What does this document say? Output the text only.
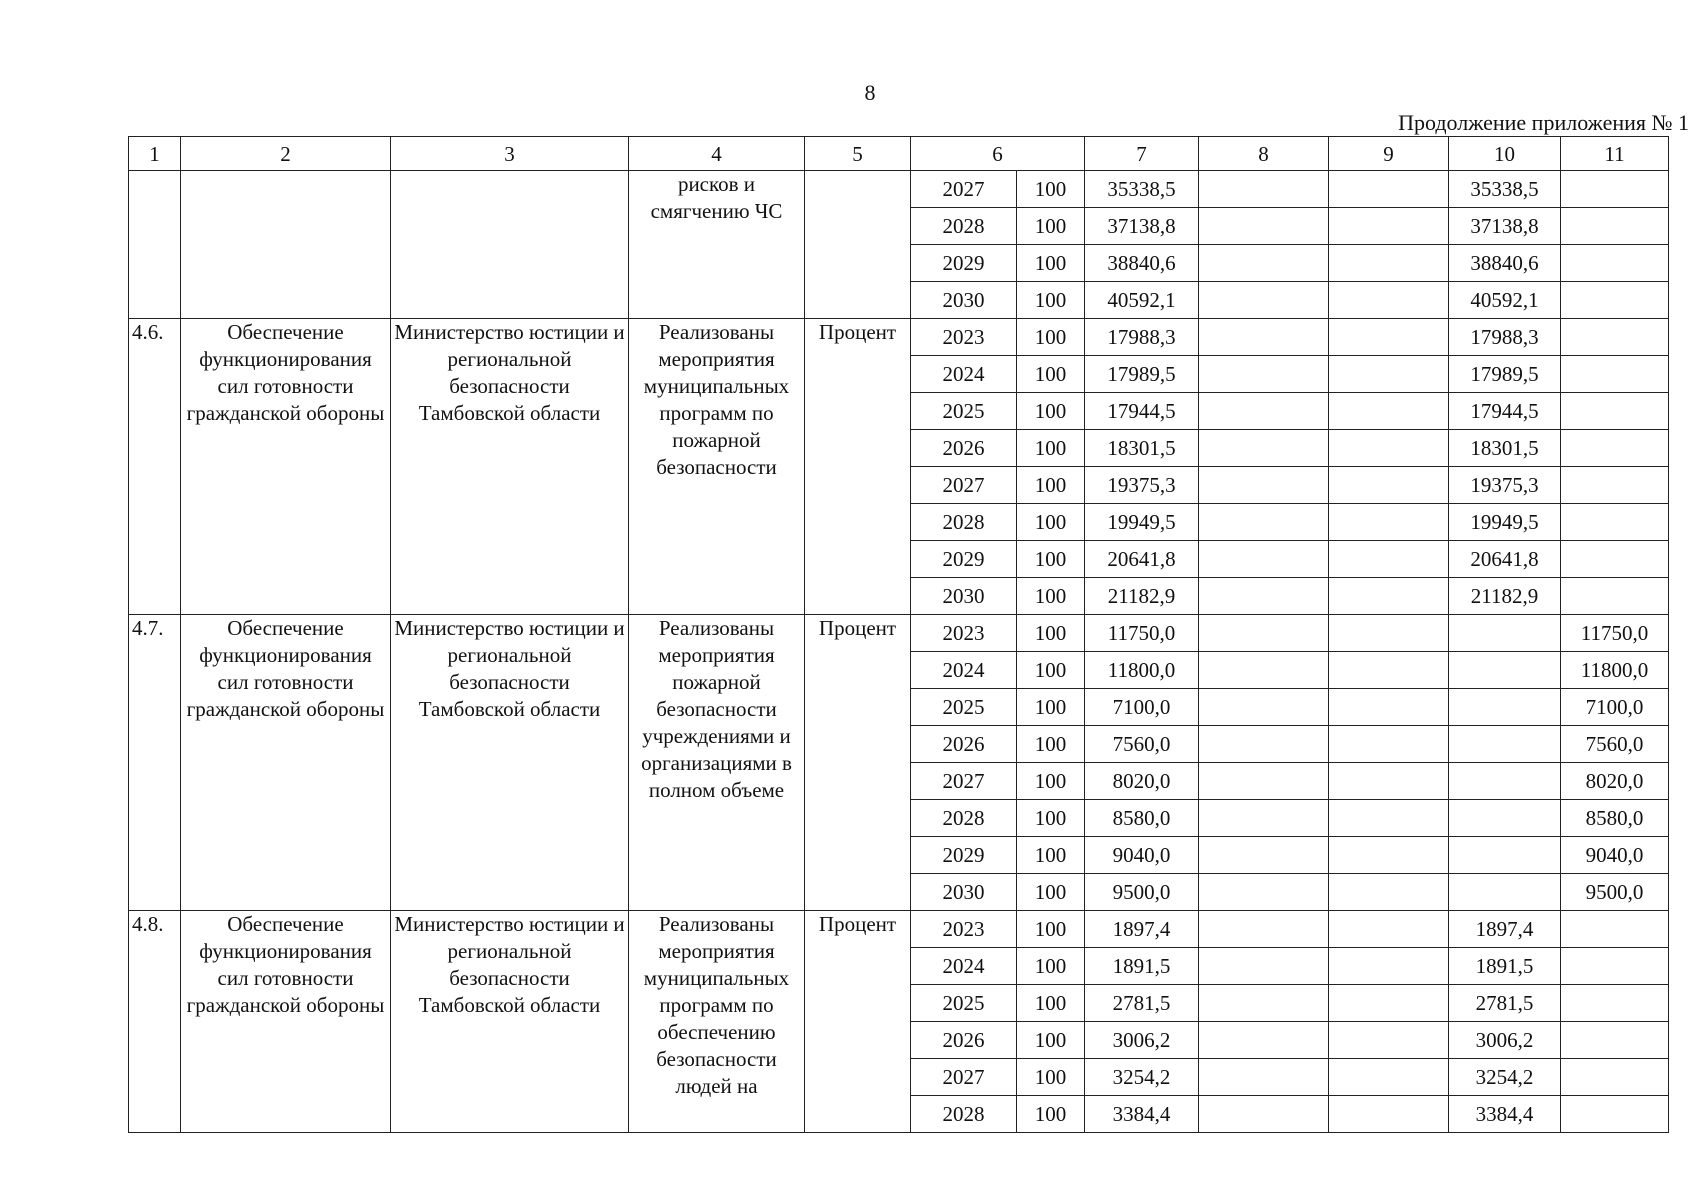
8
Продолжение приложения № 1
1	2	3	4	5	6		7	8	9	10	11
			рисков и смягчению ЧС		2027	100	35338,5			35338,5	
					2028	100	37138,8			37138,8	
					2029	100	38840,6			38840,6	
					2030	100	40592,1			40592,1	
4.6.	Обеспечение функционирования сил готовности гражданской обороны	Министерство юстиции и региональной безопасности Тамбовской области	Реализованы мероприятия муниципальных программ по пожарной безопасности	Процент	2023	100	17988,3			17988,3	
					2024	100	17989,5			17989,5	
					2025	100	17944,5			17944,5	
					2026	100	18301,5			18301,5	
					2027	100	19375,3			19375,3	
					2028	100	19949,5			19949,5	
					2029	100	20641,8			20641,8	
					2030	100	21182,9			21182,9	
4.7.	Обеспечение функционирования сил готовности гражданской обороны	Министерство юстиции и региональной безопасности Тамбовской области	Реализованы мероприятия пожарной безопасности учреждениями и организациями в полном объеме	Процент	2023	100	11750,0				11750,0
					2024	100	11800,0				11800,0
					2025	100	7100,0				7100,0
					2026	100	7560,0				7560,0
					2027	100	8020,0				8020,0
					2028	100	8580,0				8580,0
					2029	100	9040,0				9040,0
					2030	100	9500,0				9500,0
4.8.	Обеспечение функционирования сил готовности гражданской обороны	Министерство юстиции и региональной безопасности Тамбовской области	Реализованы мероприятия муниципальных программ по обеспечению безопасности людей на	Процент	2023	100	1897,4			1897,4	
					2024	100	1891,5			1891,5	
					2025	100	2781,5			2781,5	
					2026	100	3006,2			3006,2	
					2027	100	3254,2			3254,2	
					2028	100	3384,4			3384,4	
